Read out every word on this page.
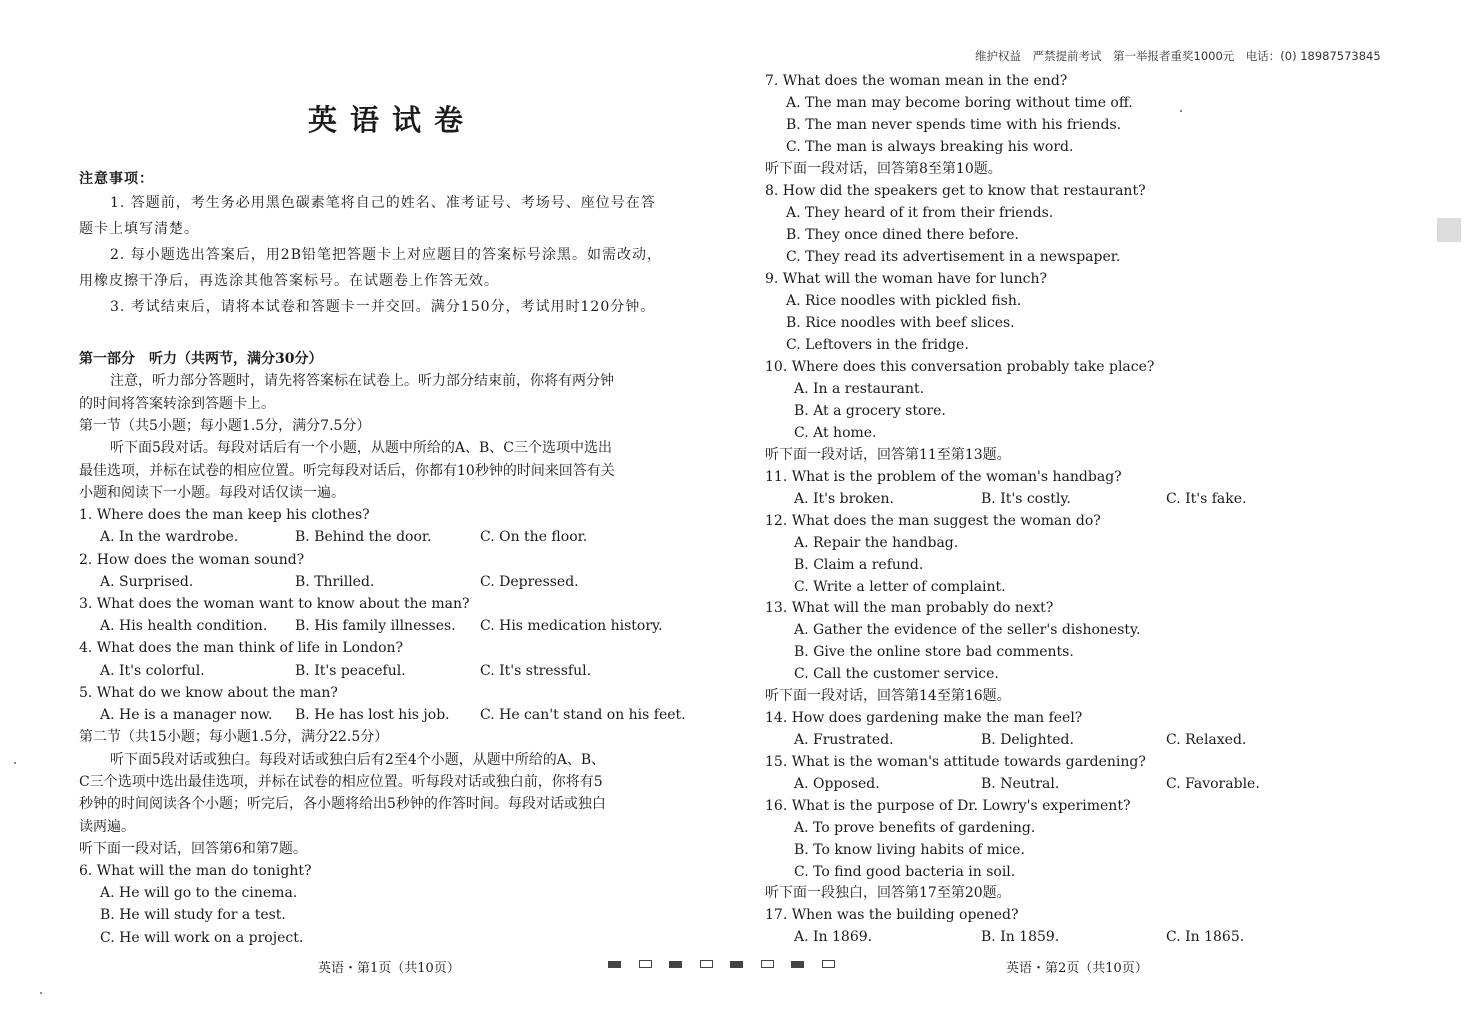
维护权益　严禁提前考试　第一举报者重奖1000元　电话：(0) 18987573845
英语试卷
注意事项：
1. 答题前，考生务必用黑色碳素笔将自己的姓名、准考证号、考场号、座位号在答
题卡上填写清楚。
2. 每小题选出答案后，用2B铅笔把答题卡上对应题目的答案标号涂黑。如需改动，
用橡皮擦干净后，再选涂其他答案标号。在试题卷上作答无效。
3. 考试结束后，请将本试卷和答题卡一并交回。满分150分，考试用时120分钟。
第一部分　听力（共两节，满分30分）
注意，听力部分答题时，请先将答案标在试卷上。听力部分结束前，你将有两分钟
的时间将答案转涂到答题卡上。
第一节（共5小题；每小题1.5分，满分7.5分）
听下面5段对话。每段对话后有一个小题，从题中所给的A、B、C三个选项中选出
最佳选项，并标在试卷的相应位置。听完每段对话后，你都有10秒钟的时间来回答有关
小题和阅读下一小题。每段对话仅读一遍。
1. Where does the man keep his clothes?
A. In the wardrobe.	B. Behind the door.	C. On the floor.
2. How does the woman sound?
A. Surprised.	B. Thrilled.	C. Depressed.
3. What does the woman want to know about the man?
A. His health condition. B. His family illnesses. C. His medication history.
4. What does the man think of life in London?
A. It's colorful.	B. It's peaceful.	C. It's stressful.
5. What do we know about the man?
A. He is a manager now. B. He has lost his job. C. He can't stand on his feet.
第二节（共15小题；每小题1.5分，满分22.5分）
听下面5段对话或独白。每段对话或独白后有2至4个小题，从题中所给的A、B、
C三个选项中选出最佳选项，并标在试卷的相应位置。听每段对话或独白前，你将有5
秒钟的时间阅读各个小题；听完后，各小题将给出5秒钟的作答时间。每段对话或独白
读两遍。
听下面一段对话，回答第6和第7题。
6. What will the man do tonight?
A. He will go to the cinema.
B. He will study for a test.
C. He will work on a project.
7. What does the woman mean in the end?
A. The man may become boring without time off.
B. The man never spends time with his friends.
C. The man is always breaking his word.
听下面一段对话，回答第8至第10题。
8. How did the speakers get to know that restaurant?
A. They heard of it from their friends.
B. They once dined there before.
C. They read its advertisement in a newspaper.
9. What will the woman have for lunch?
A. Rice noodles with pickled fish.
B. Rice noodles with beef slices.
C. Leftovers in the fridge.
10. Where does this conversation probably take place?
A. In a restaurant.
B. At a grocery store.
C. At home.
听下面一段对话，回答第11至第13题。
11. What is the problem of the woman's handbag?
A. It's broken.	B. It's costly.	C. It's fake.
12. What does the man suggest the woman do?
A. Repair the handbag.
B. Claim a refund.
C. Write a letter of complaint.
13. What will the man probably do next?
A. Gather the evidence of the seller's dishonesty.
B. Give the online store bad comments.
C. Call the customer service.
听下面一段对话，回答第14至第16题。
14. How does gardening make the man feel?
A. Frustrated.	B. Delighted.	C. Relaxed.
15. What is the woman's attitude towards gardening?
A. Opposed.	B. Neutral.	C. Favorable.
16. What is the purpose of Dr. Lowry's experiment?
A. To prove benefits of gardening.
B. To know living habits of mice.
C. To find good bacteria in soil.
听下面一段独白，回答第17至第20题。
17. When was the building opened?
A. In 1869.	B. In 1859.	C. In 1865.
英语・第1页（共10页）	英语・第2页（共10页）
